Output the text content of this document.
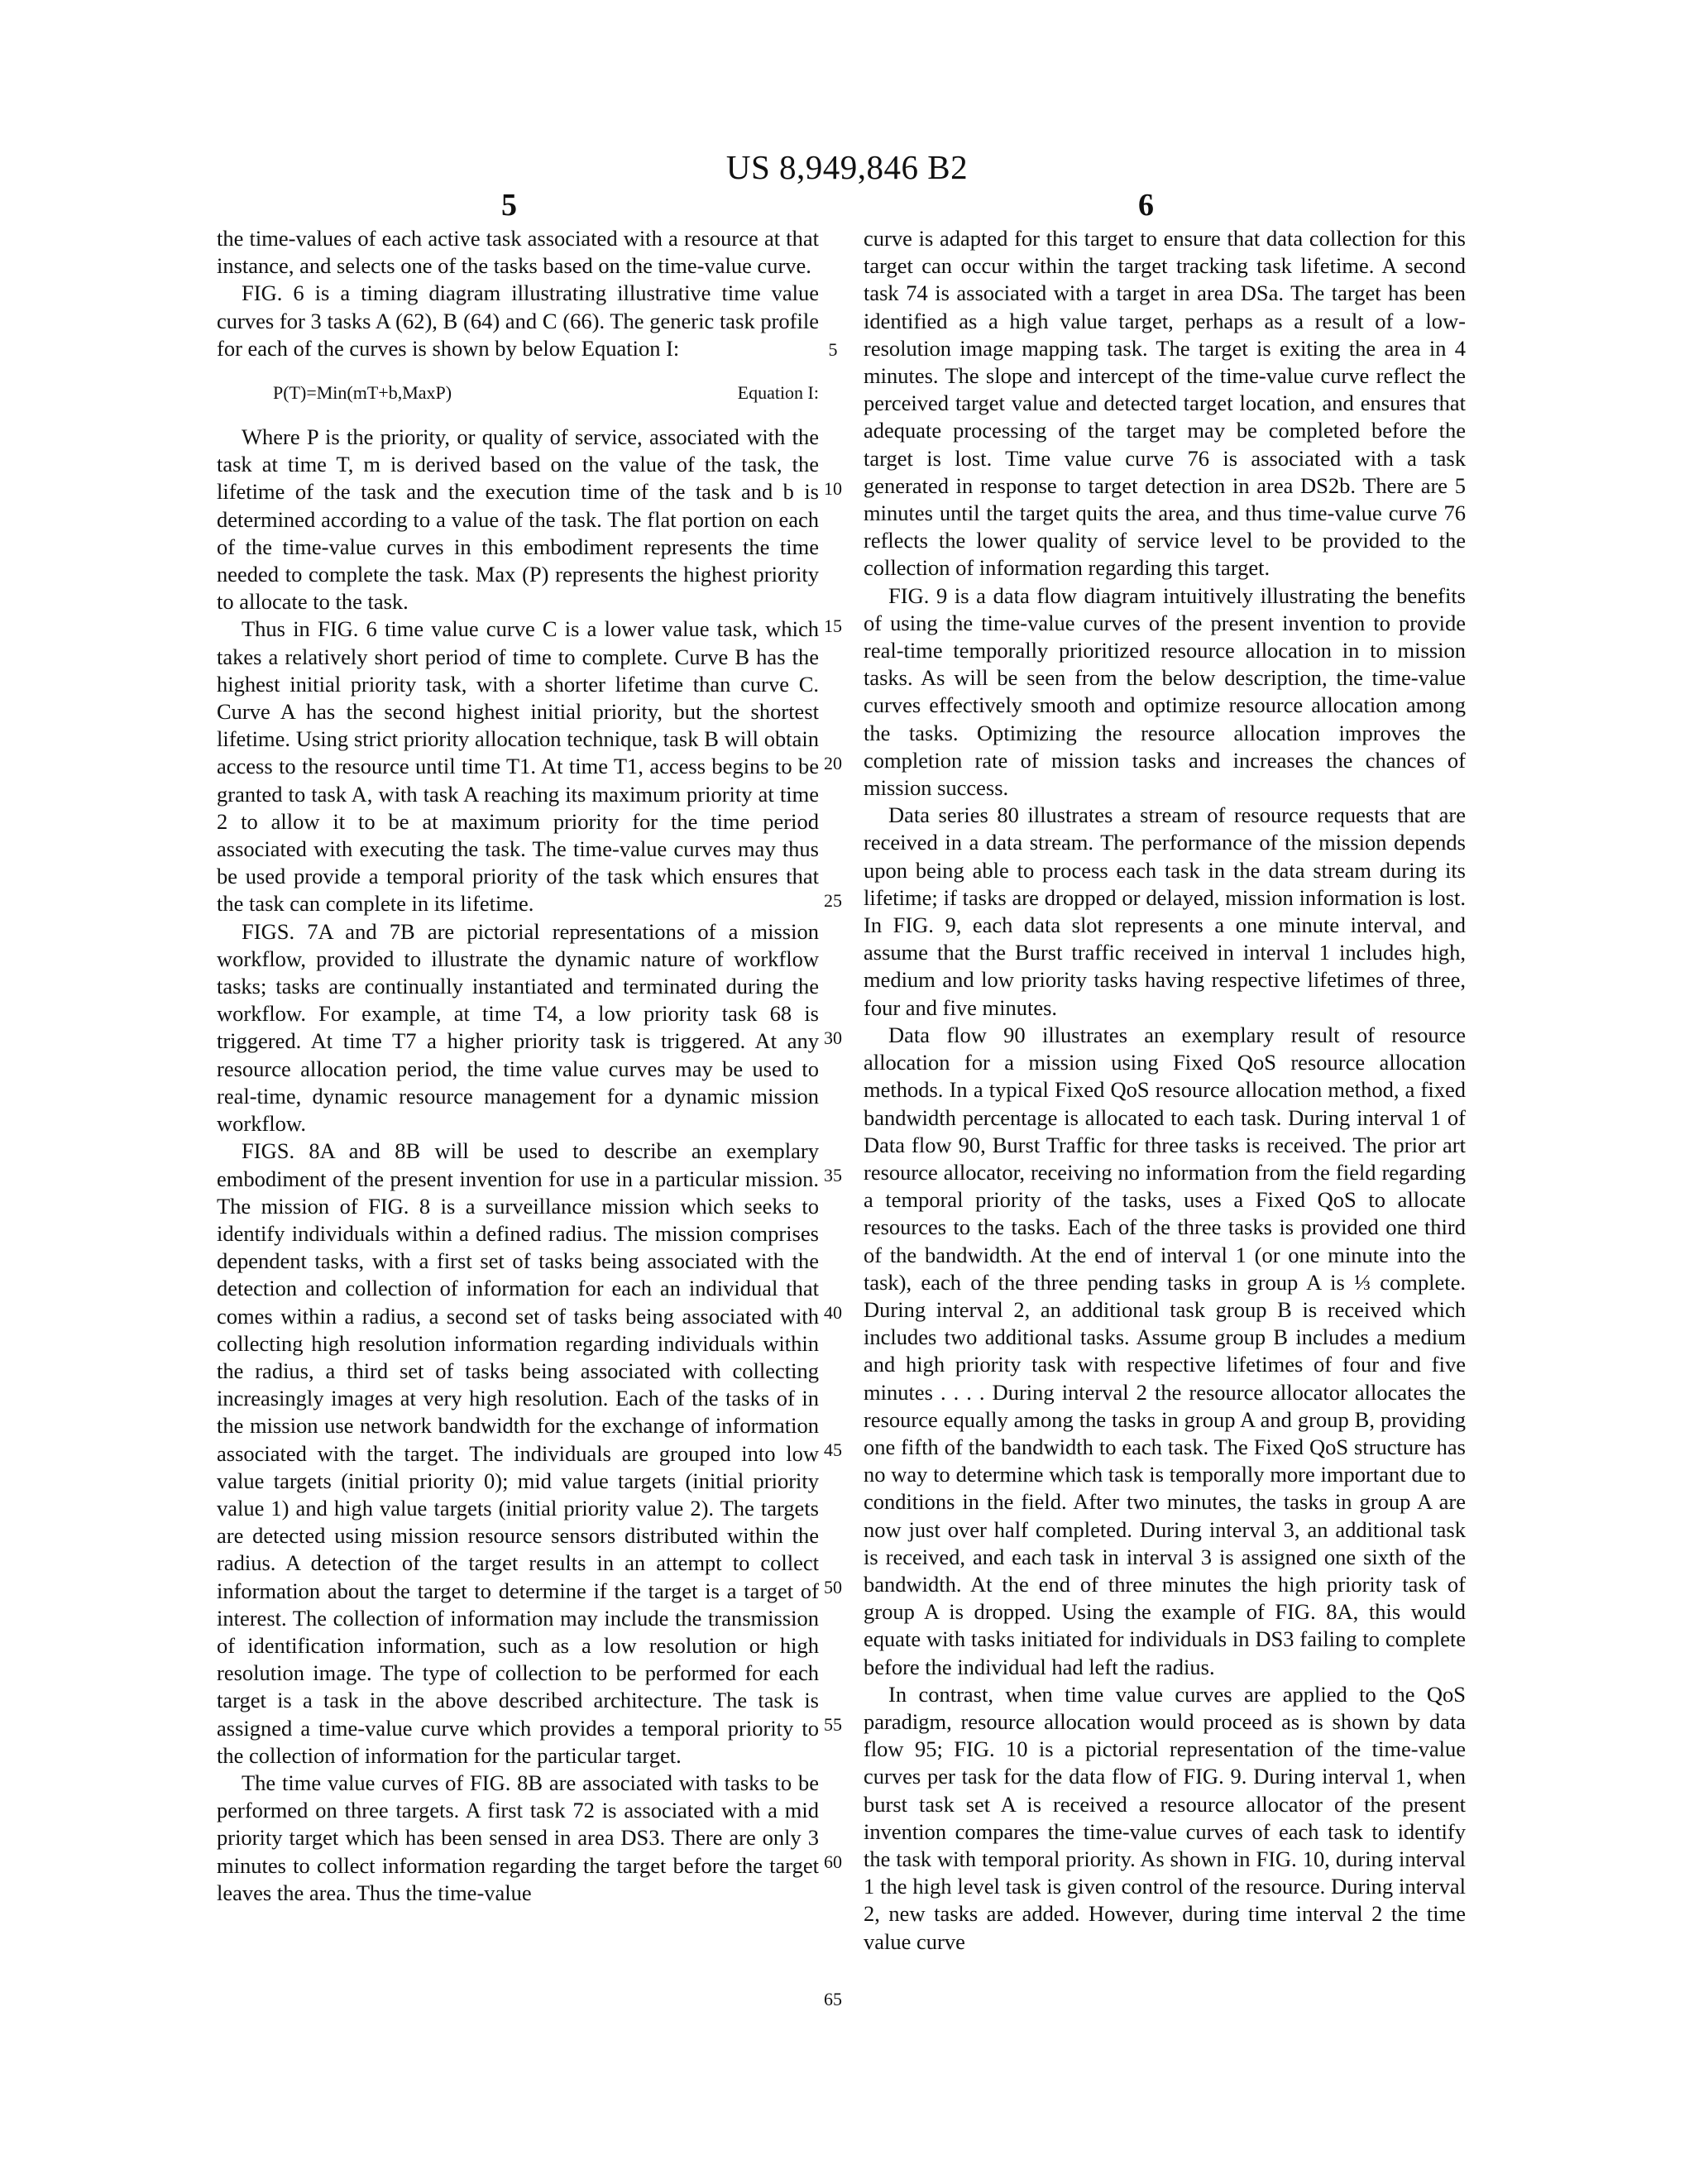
US 8,949,846 B2
5	6

the time-values of each active task associated with a resource at that instance, and selects one of the tasks based on the time-value curve.

FIG. 6 is a timing diagram illustrating illustrative time value curves for 3 tasks A (62), B (64) and C (66). The generic task profile for each of the curves is shown by below Equation I:

P(T)=Min(mT+b,MaxP)	Equation I:

Where P is the priority, or quality of service, associated with the task at time T, m is derived based on the value of the task, the lifetime of the task and the execution time of the task and b is determined according to a value of the task. The flat portion on each of the time-value curves in this embodiment represents the time needed to complete the task. Max (P) represents the highest priority to allocate to the task.

Thus in FIG. 6 time value curve C is a lower value task, which takes a relatively short period of time to complete. Curve B has the highest initial priority task, with a shorter lifetime than curve C. Curve A has the second highest initial priority, but the shortest lifetime. Using strict priority allocation technique, task B will obtain access to the resource until time T1. At time T1, access begins to be granted to task A, with task A reaching its maximum priority at time 2 to allow it to be at maximum priority for the time period associated with executing the task. The time-value curves may thus be used provide a temporal priority of the task which ensures that the task can complete in its lifetime.

FIGS. 7A and 7B are pictorial representations of a mission workflow, provided to illustrate the dynamic nature of workflow tasks; tasks are continually instantiated and terminated during the workflow. For example, at time T4, a low priority task 68 is triggered. At time T7 a higher priority task is triggered. At any resource allocation period, the time value curves may be used to real-time, dynamic resource management for a dynamic mission workflow.

FIGS. 8A and 8B will be used to describe an exemplary embodiment of the present invention for use in a particular mission. The mission of FIG. 8 is a surveillance mission which seeks to identify individuals within a defined radius. The mission comprises dependent tasks, with a first set of tasks being associated with the detection and collection of information for each an individual that comes within a radius, a second set of tasks being associated with collecting high resolution information regarding individuals within the radius, a third set of tasks being associated with collecting increasingly images at very high resolution. Each of the tasks of in the mission use network bandwidth for the exchange of information associated with the target. The individuals are grouped into low value targets (initial priority 0); mid value targets (initial priority value 1) and high value targets (initial priority value 2). The targets are detected using mission resource sensors distributed within the radius. A detection of the target results in an attempt to collect information about the target to determine if the target is a target of interest. The collection of information may include the transmission of identification information, such as a low resolution or high resolution image. The type of collection to be performed for each target is a task in the above described architecture. The task is assigned a time-value curve which provides a temporal priority to the collection of information for the particular target.

The time value curves of FIG. 8B are associated with tasks to be performed on three targets. A first task 72 is associated with a mid priority target which has been sensed in area DS3. There are only 3 minutes to collect information regarding the target before the target leaves the area. Thus the time-value

curve is adapted for this target to ensure that data collection for this target can occur within the target tracking task lifetime. A second task 74 is associated with a target in area DSa. The target has been identified as a high value target, perhaps as a result of a low-resolution image mapping task. The target is exiting the area in 4 minutes. The slope and intercept of the time-value curve reflect the perceived target value and detected target location, and ensures that adequate processing of the target may be completed before the target is lost. Time value curve 76 is associated with a task generated in response to target detection in area DS2b. There are 5 minutes until the target quits the area, and thus time-value curve 76 reflects the lower quality of service level to be provided to the collection of information regarding this target.

FIG. 9 is a data flow diagram intuitively illustrating the benefits of using the time-value curves of the present invention to provide real-time temporally prioritized resource allocation in to mission tasks. As will be seen from the below description, the time-value curves effectively smooth and optimize resource allocation among the tasks. Optimizing the resource allocation improves the completion rate of mission tasks and increases the chances of mission success.

Data series 80 illustrates a stream of resource requests that are received in a data stream. The performance of the mission depends upon being able to process each task in the data stream during its lifetime; if tasks are dropped or delayed, mission information is lost. In FIG. 9, each data slot represents a one minute interval, and assume that the Burst traffic received in interval 1 includes high, medium and low priority tasks having respective lifetimes of three, four and five minutes.

Data flow 90 illustrates an exemplary result of resource allocation for a mission using Fixed QoS resource allocation methods. In a typical Fixed QoS resource allocation method, a fixed bandwidth percentage is allocated to each task. During interval 1 of Data flow 90, Burst Traffic for three tasks is received. The prior art resource allocator, receiving no information from the field regarding a temporal priority of the tasks, uses a Fixed QoS to allocate resources to the tasks. Each of the three tasks is provided one third of the bandwidth. At the end of interval 1 (or one minute into the task), each of the three pending tasks in group A is ⅓ complete. During interval 2, an additional task group B is received which includes two additional tasks. Assume group B includes a medium and high priority task with respective lifetimes of four and five minutes . . . . During interval 2 the resource allocator allocates the resource equally among the tasks in group A and group B, providing one fifth of the bandwidth to each task. The Fixed QoS structure has no way to determine which task is temporally more important due to conditions in the field. After two minutes, the tasks in group A are now just over half completed. During interval 3, an additional task is received, and each task in interval 3 is assigned one sixth of the bandwidth. At the end of three minutes the high priority task of group A is dropped. Using the example of FIG. 8A, this would equate with tasks initiated for individuals in DS3 failing to complete before the individual had left the radius.

In contrast, when time value curves are applied to the QoS paradigm, resource allocation would proceed as is shown by data flow 95; FIG. 10 is a pictorial representation of the time-value curves per task for the data flow of FIG. 9. During interval 1, when burst task set A is received a resource allocator of the present invention compares the time-value curves of each task to identify the task with temporal priority. As shown in FIG. 10, during interval 1 the high level task is given control of the resource. During interval 2, new tasks are added. However, during time interval 2 the time value curve

5
10
15
20
25
30
35
40
45
50
55
60
65
